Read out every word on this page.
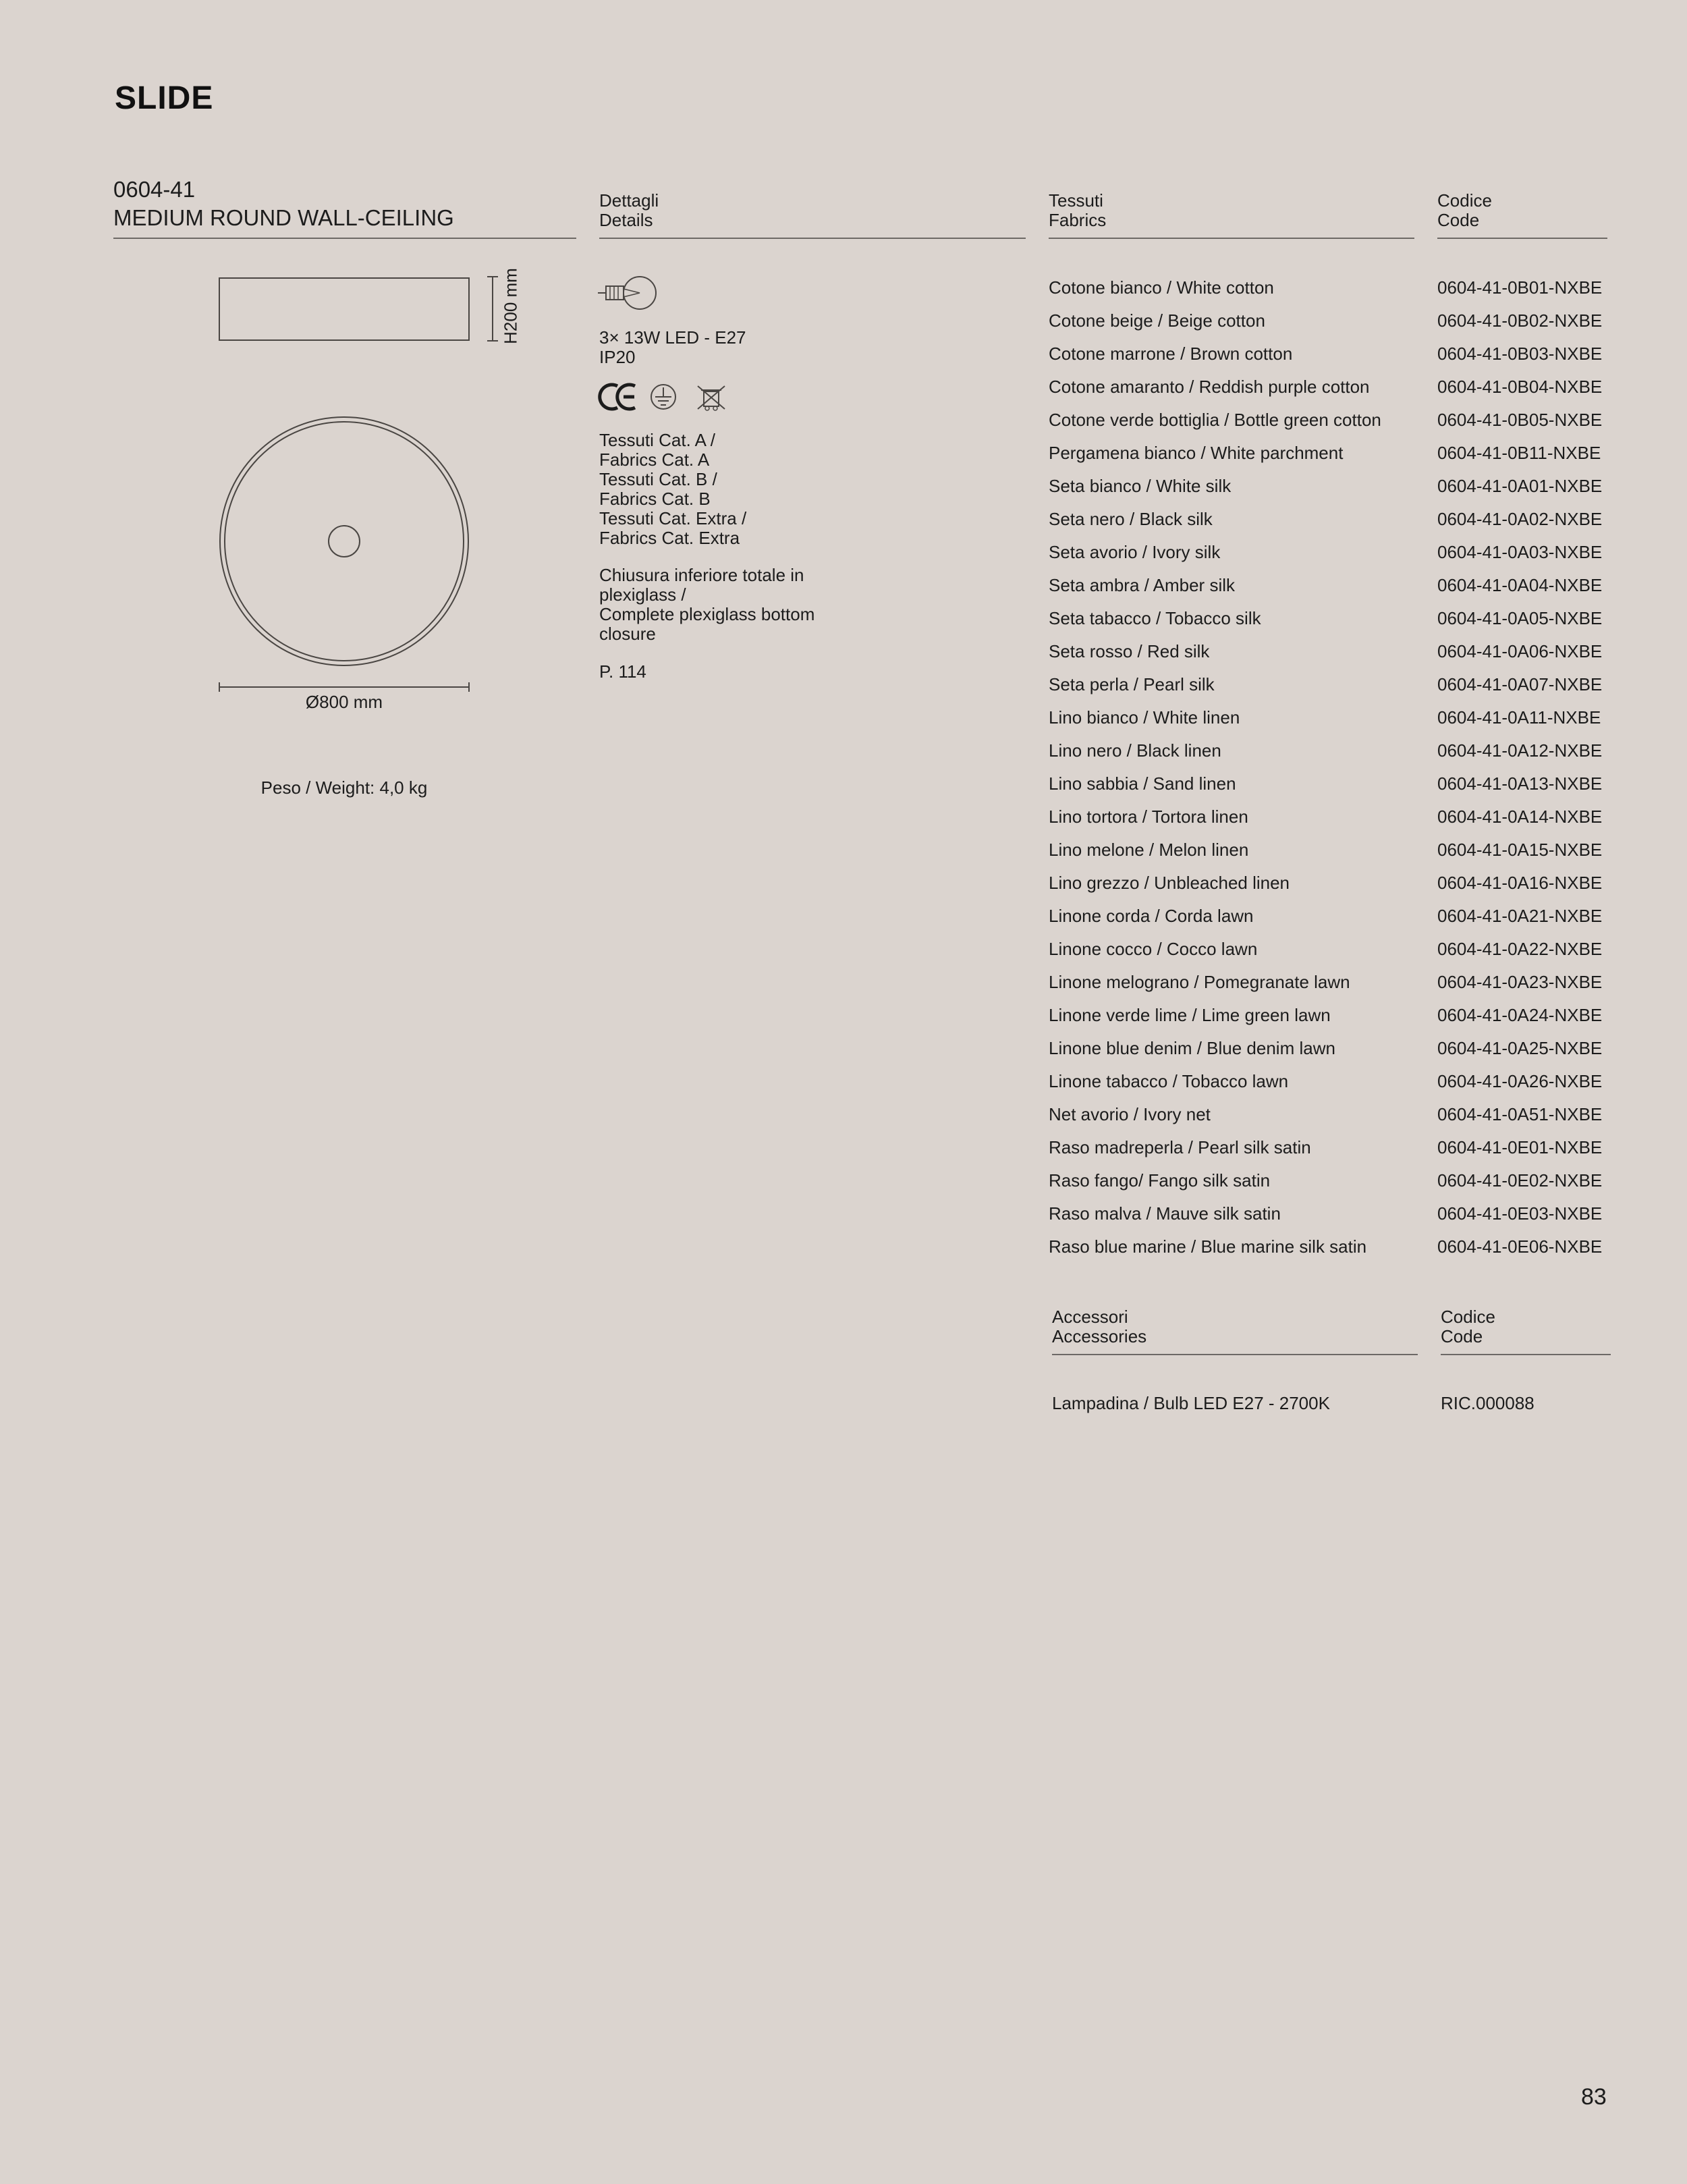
SLIDE
0604-41
MEDIUM ROUND WALL-CEILING
H200 mm
Ø800 mm
Peso / Weight: 4,0 kg
Dettagli
Details
3× 13W LED - E27
IP20
Tessuti Cat. A /
Fabrics Cat. A
Tessuti Cat. B /
Fabrics Cat. B
Tessuti Cat. Extra /
Fabrics Cat. Extra
Chiusura inferiore totale in
plexiglass /
Complete plexiglass bottom
closure
P. 114
Tessuti
Fabrics
Codice
Code
Cotone bianco / White cotton	0604-41-0B01-NXBE
Cotone beige / Beige cotton	0604-41-0B02-NXBE
Cotone marrone / Brown cotton	0604-41-0B03-NXBE
Cotone amaranto / Reddish purple cotton	0604-41-0B04-NXBE
Cotone verde bottiglia / Bottle green cotton	0604-41-0B05-NXBE
Pergamena bianco / White parchment	0604-41-0B11-NXBE
Seta bianco / White silk	0604-41-0A01-NXBE
Seta nero / Black silk	0604-41-0A02-NXBE
Seta avorio / Ivory silk	0604-41-0A03-NXBE
Seta ambra / Amber silk	0604-41-0A04-NXBE
Seta tabacco / Tobacco silk	0604-41-0A05-NXBE
Seta rosso / Red silk	0604-41-0A06-NXBE
Seta perla / Pearl silk	0604-41-0A07-NXBE
Lino bianco / White linen	0604-41-0A11-NXBE
Lino nero / Black linen	0604-41-0A12-NXBE
Lino sabbia / Sand linen	0604-41-0A13-NXBE
Lino tortora / Tortora linen	0604-41-0A14-NXBE
Lino melone / Melon linen	0604-41-0A15-NXBE
Lino grezzo / Unbleached linen	0604-41-0A16-NXBE
Linone corda / Corda lawn	0604-41-0A21-NXBE
Linone cocco / Cocco lawn	0604-41-0A22-NXBE
Linone melograno / Pomegranate lawn	0604-41-0A23-NXBE
Linone verde lime / Lime green lawn	0604-41-0A24-NXBE
Linone blue denim / Blue denim lawn	0604-41-0A25-NXBE
Linone tabacco / Tobacco lawn	0604-41-0A26-NXBE
Net avorio / Ivory net	0604-41-0A51-NXBE
Raso madreperla / Pearl silk satin	0604-41-0E01-NXBE
Raso fango/ Fango silk satin	0604-41-0E02-NXBE
Raso malva / Mauve silk satin	0604-41-0E03-NXBE
Raso blue marine / Blue marine silk satin	0604-41-0E06-NXBE
Accessori
Accessories
Codice
Code
Lampadina / Bulb LED E27 - 2700K	RIC.000088
83
